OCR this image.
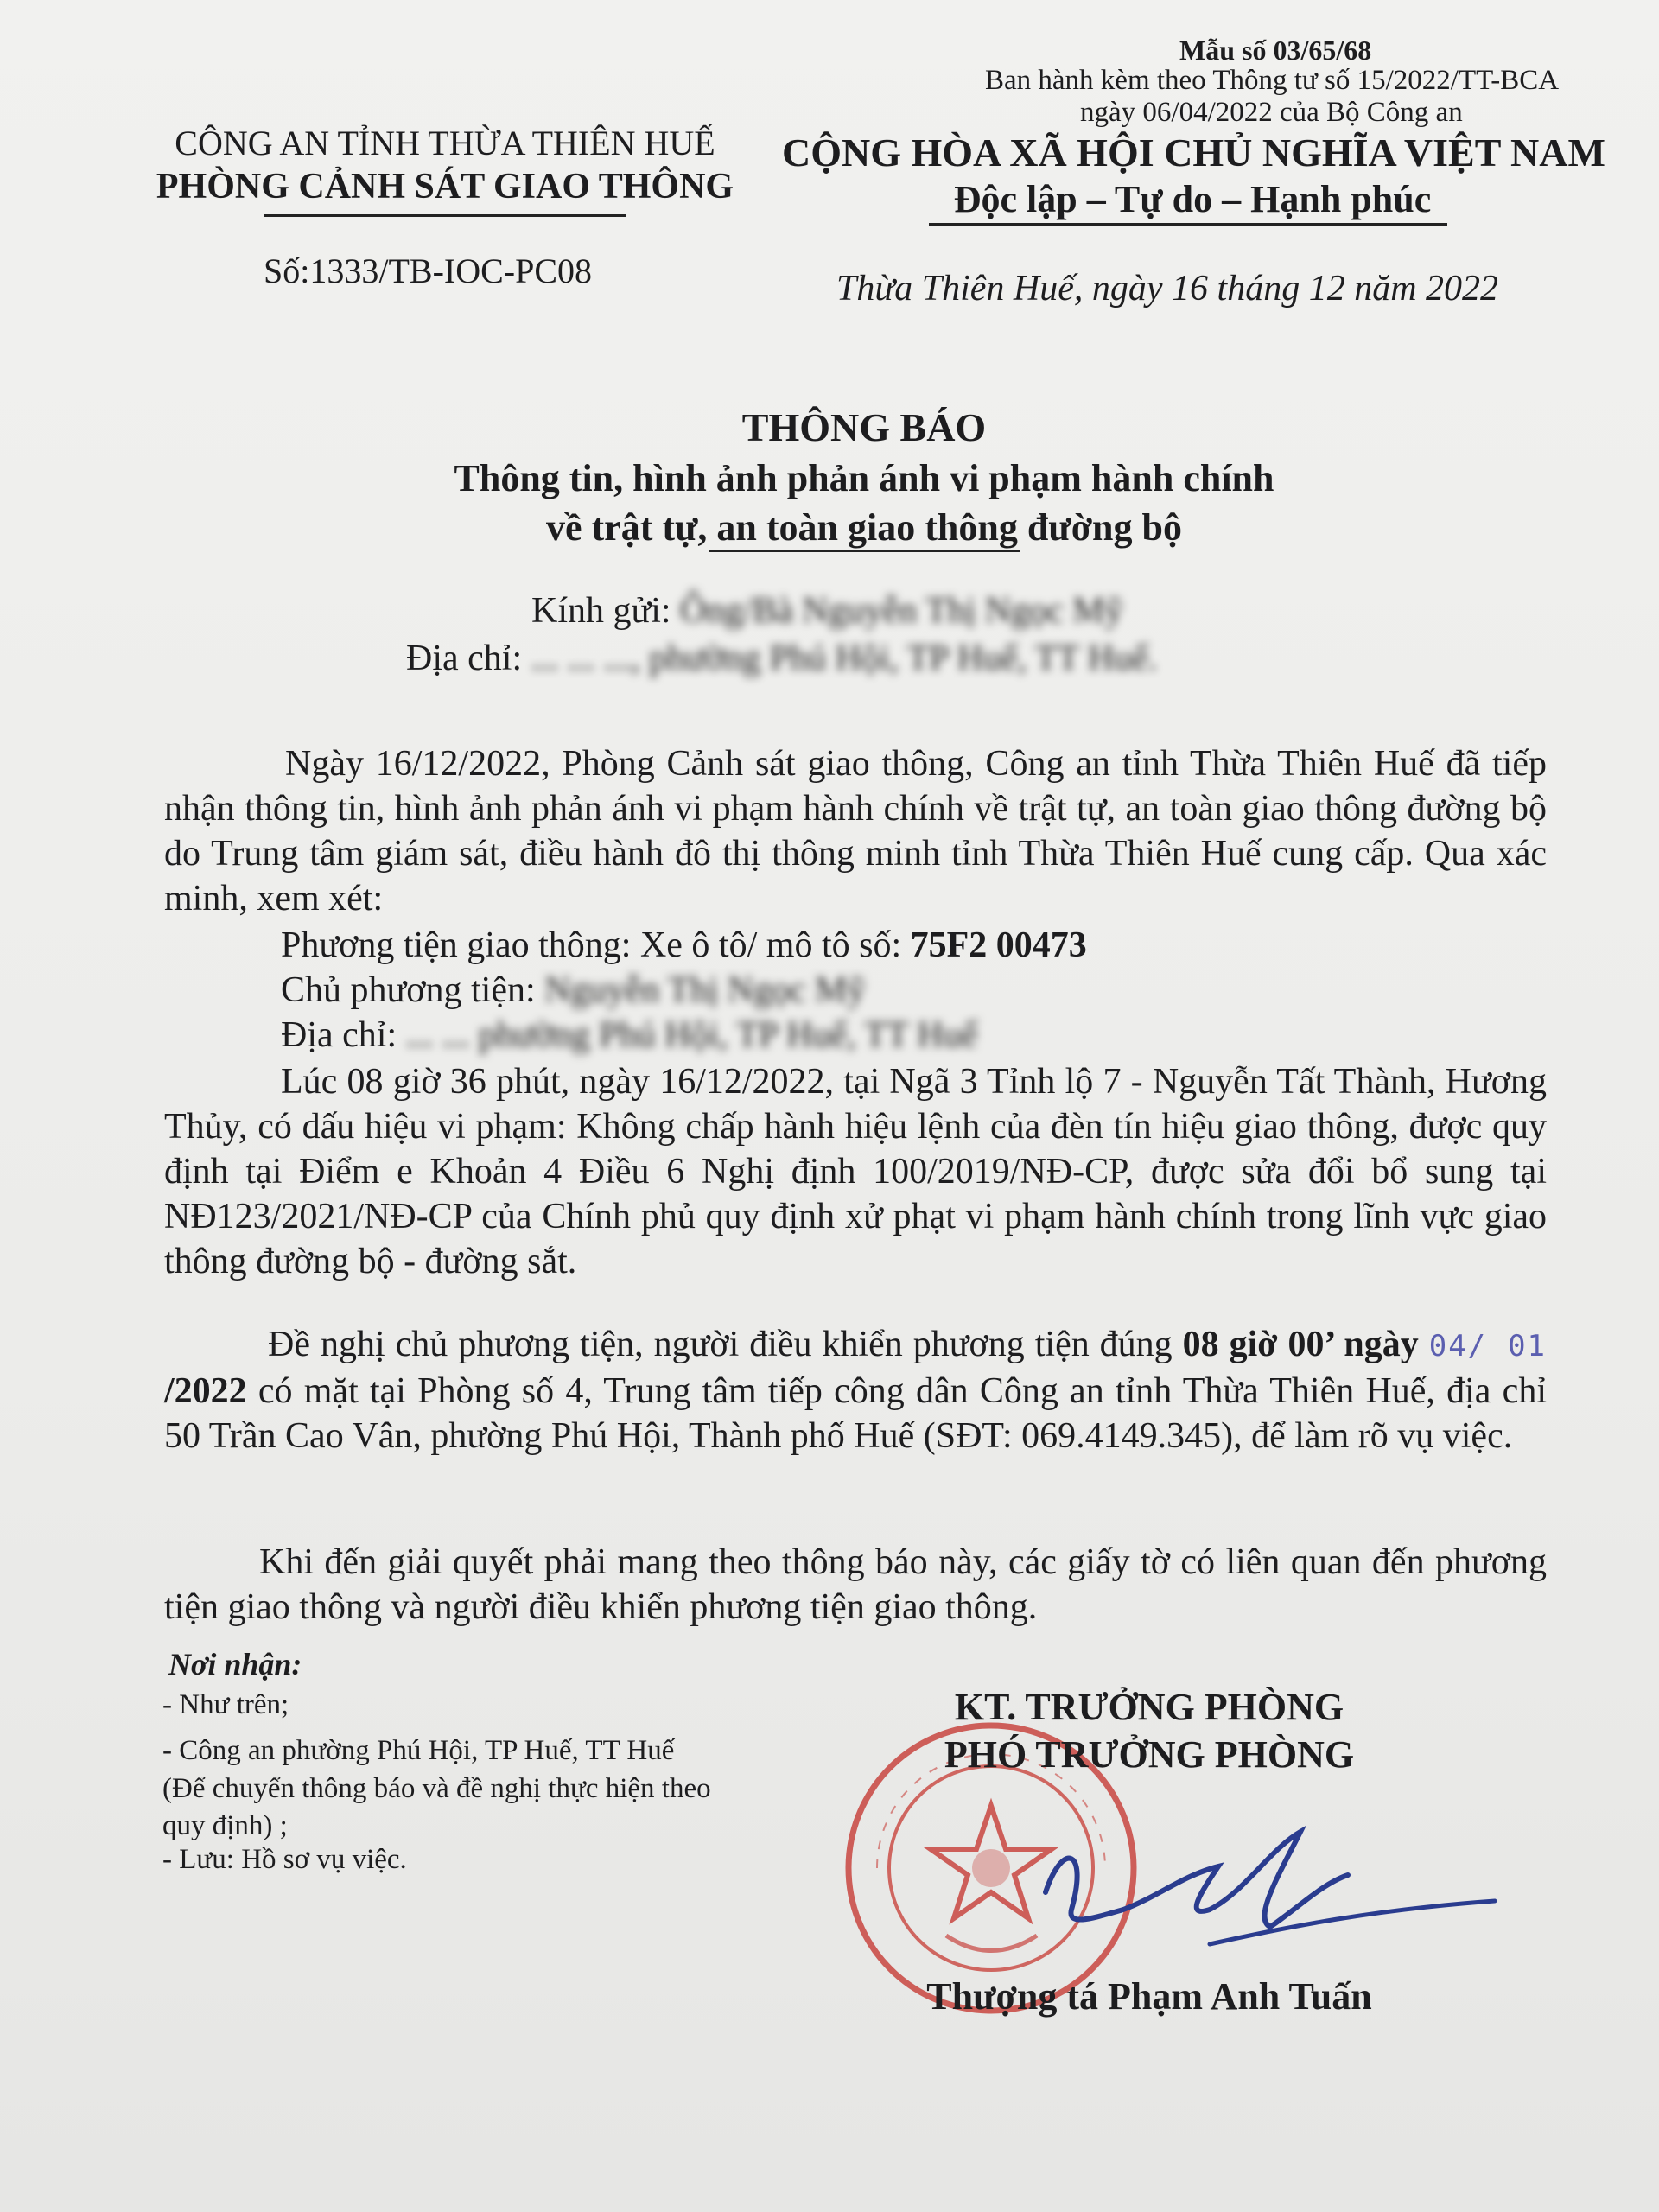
Mẫu số 03/65/68
Ban hành kèm theo Thông tư số 15/2022/TT-BCA
ngày 06/04/2022 của Bộ Công an
CÔNG AN TỈNH THỪA THIÊN HUẾ
PHÒNG CẢNH SÁT GIAO THÔNG
Số:1333/TB-IOC-PC08
CỘNG HÒA XÃ HỘI CHỦ NGHĨA VIỆT NAM
Độc lập – Tự do – Hạnh phúc
Thừa Thiên Huế, ngày 16 tháng 12 năm 2022
THÔNG BÁO
Thông tin, hình ảnh phản ánh vi phạm hành chính
về trật tự, an toàn giao thông đường bộ
Kính gửi: Ông/Bà Nguyễn Thị Ngọc Mỹ
Địa chỉ: ... ... ..., phường Phú Hội, TP Huế, TT Huế.
Ngày 16/12/2022, Phòng Cảnh sát giao thông, Công an tỉnh Thừa Thiên Huế đã tiếp nhận thông tin, hình ảnh phản ánh vi phạm hành chính về trật tự, an toàn giao thông đường bộ do Trung tâm giám sát, điều hành đô thị thông minh tỉnh Thừa Thiên Huế cung cấp. Qua xác minh, xem xét:
Phương tiện giao thông: Xe ô tô/ mô tô số: 75F2 00473
Chủ phương tiện: Nguyễn Thị Ngọc Mỹ
Địa chỉ: ... ... phường Phú Hội, TP Huế, TT Huế
Lúc 08 giờ 36 phút, ngày 16/12/2022, tại Ngã 3 Tỉnh lộ 7 - Nguyễn Tất Thành, Hương Thủy, có dấu hiệu vi phạm: Không chấp hành hiệu lệnh của đèn tín hiệu giao thông, được quy định tại Điểm e Khoản 4 Điều 6 Nghị định 100/2019/NĐ-CP, được sửa đổi bổ sung tại NĐ123/2021/NĐ-CP của Chính phủ quy định xử phạt vi phạm hành chính trong lĩnh vực giao thông đường bộ - đường sắt.
Đề nghị chủ phương tiện, người điều khiển phương tiện đúng 08 giờ 00’ ngày 04/ 01 /2022 có mặt tại Phòng số 4, Trung tâm tiếp công dân Công an tỉnh Thừa Thiên Huế, địa chỉ 50 Trần Cao Vân, phường Phú Hội, Thành phố Huế (SĐT: 069.4149.345), để làm rõ vụ việc.
Khi đến giải quyết phải mang theo thông báo này, các giấy tờ có liên quan đến phương tiện giao thông và người điều khiển phương tiện giao thông.
Nơi nhận:
- Như trên;
- Công an phường Phú Hội, TP Huế, TT Huế
(Để chuyển thông báo và đề nghị thực hiện theo
quy định) ;
- Lưu: Hồ sơ vụ việc.
KT. TRƯỞNG PHÒNG
PHÓ TRƯỞNG PHÒNG
Thượng tá Phạm Anh Tuấn
